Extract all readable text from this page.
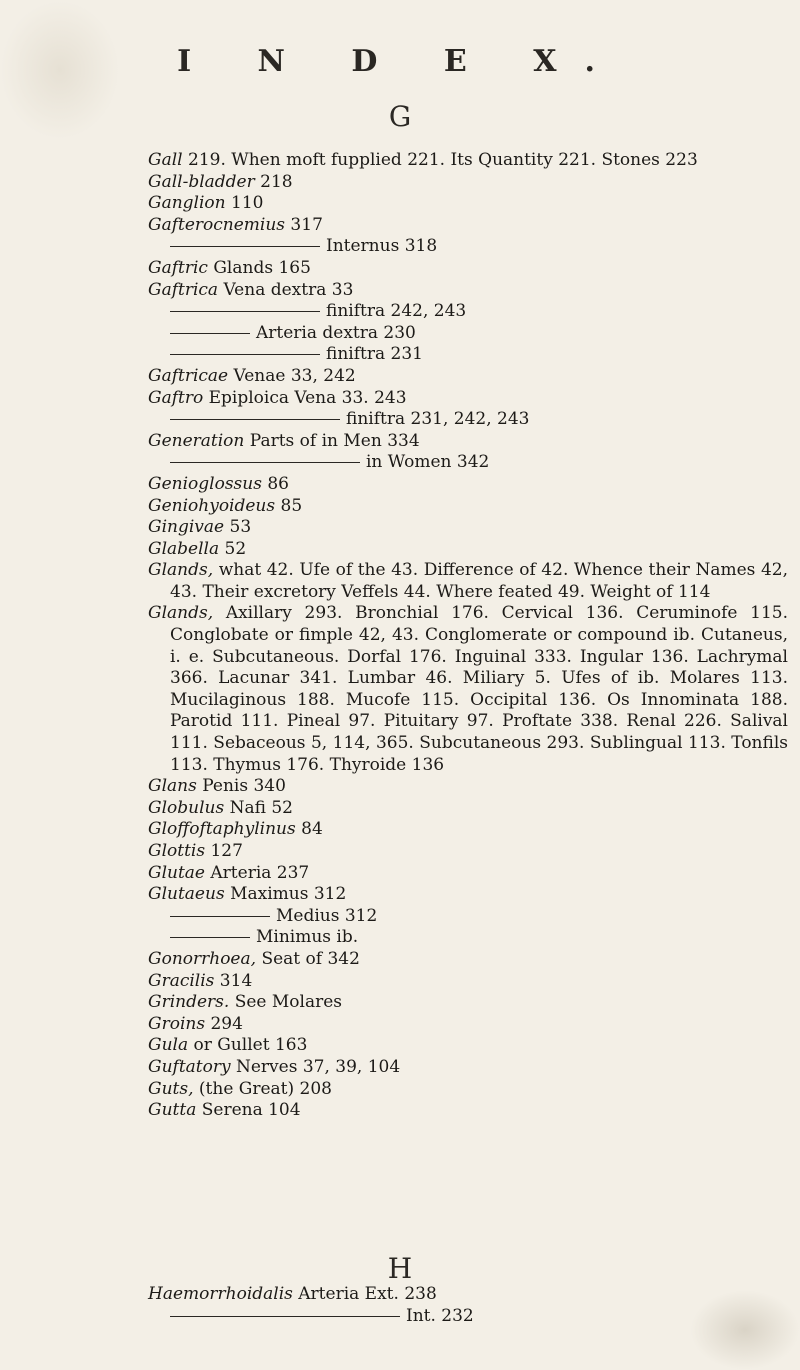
I N D E X.
G
Gall 219. When moft fupplied 221. Its Quantity 221. Stones 223
Gall-bladder 218
Ganglion 110
Gafterocnemius 317
Internus 318
Gaftric Glands 165
Gaftrica Vena dextra 33
finiftra 242, 243
Arteria dextra 230
finiftra 231
Gaftricae Venae 33, 242
Gaftro Epiploica Vena 33. 243
finiftra 231, 242, 243
Generation Parts of in Men 334
in Women 342
Genioglossus 86
Geniohyoideus 85
Gingivae 53
Glabella 52
Glands, what 42. Ufe of the 43. Difference of 42. Whence their Names 42, 43. Their excretory Veffels 44. Where feated 49. Weight of 114
Glands, Axillary 293. Bronchial 176. Cervical 136. Ceruminofe 115. Conglobate or fimple 42, 43. Conglomerate or compound ib. Cutaneus, i. e. Subcutaneous. Dorfal 176. Inguinal 333. Ingular 136. Lachrymal 366. Lacunar 341. Lumbar 46. Miliary 5. Ufes of ib. Molares 113. Mucilaginous 188. Mucofe 115. Occipital 136. Os Innominata 188. Parotid 111. Pineal 97. Pituitary 97. Proftate 338. Renal 226. Salival 111. Sebaceous 5, 114, 365. Subcutaneous 293. Sublingual 113. Tonfils 113. Thymus 176. Thyroide 136
Glans Penis 340
Globulus Nafi 52
Gloffoftaphylinus 84
Glottis 127
Glutae Arteria 237
Glutaeus Maximus 312
Medius 312
Minimus ib.
Gonorrhoea, Seat of 342
Gracilis 314
Grinders. See Molares
Groins 294
Gula or Gullet 163
Guftatory Nerves 37, 39, 104
Guts, (the Great) 208
Gutta Serena 104
H
Haemorrhoidalis Arteria Ext. 238
Int. 232
